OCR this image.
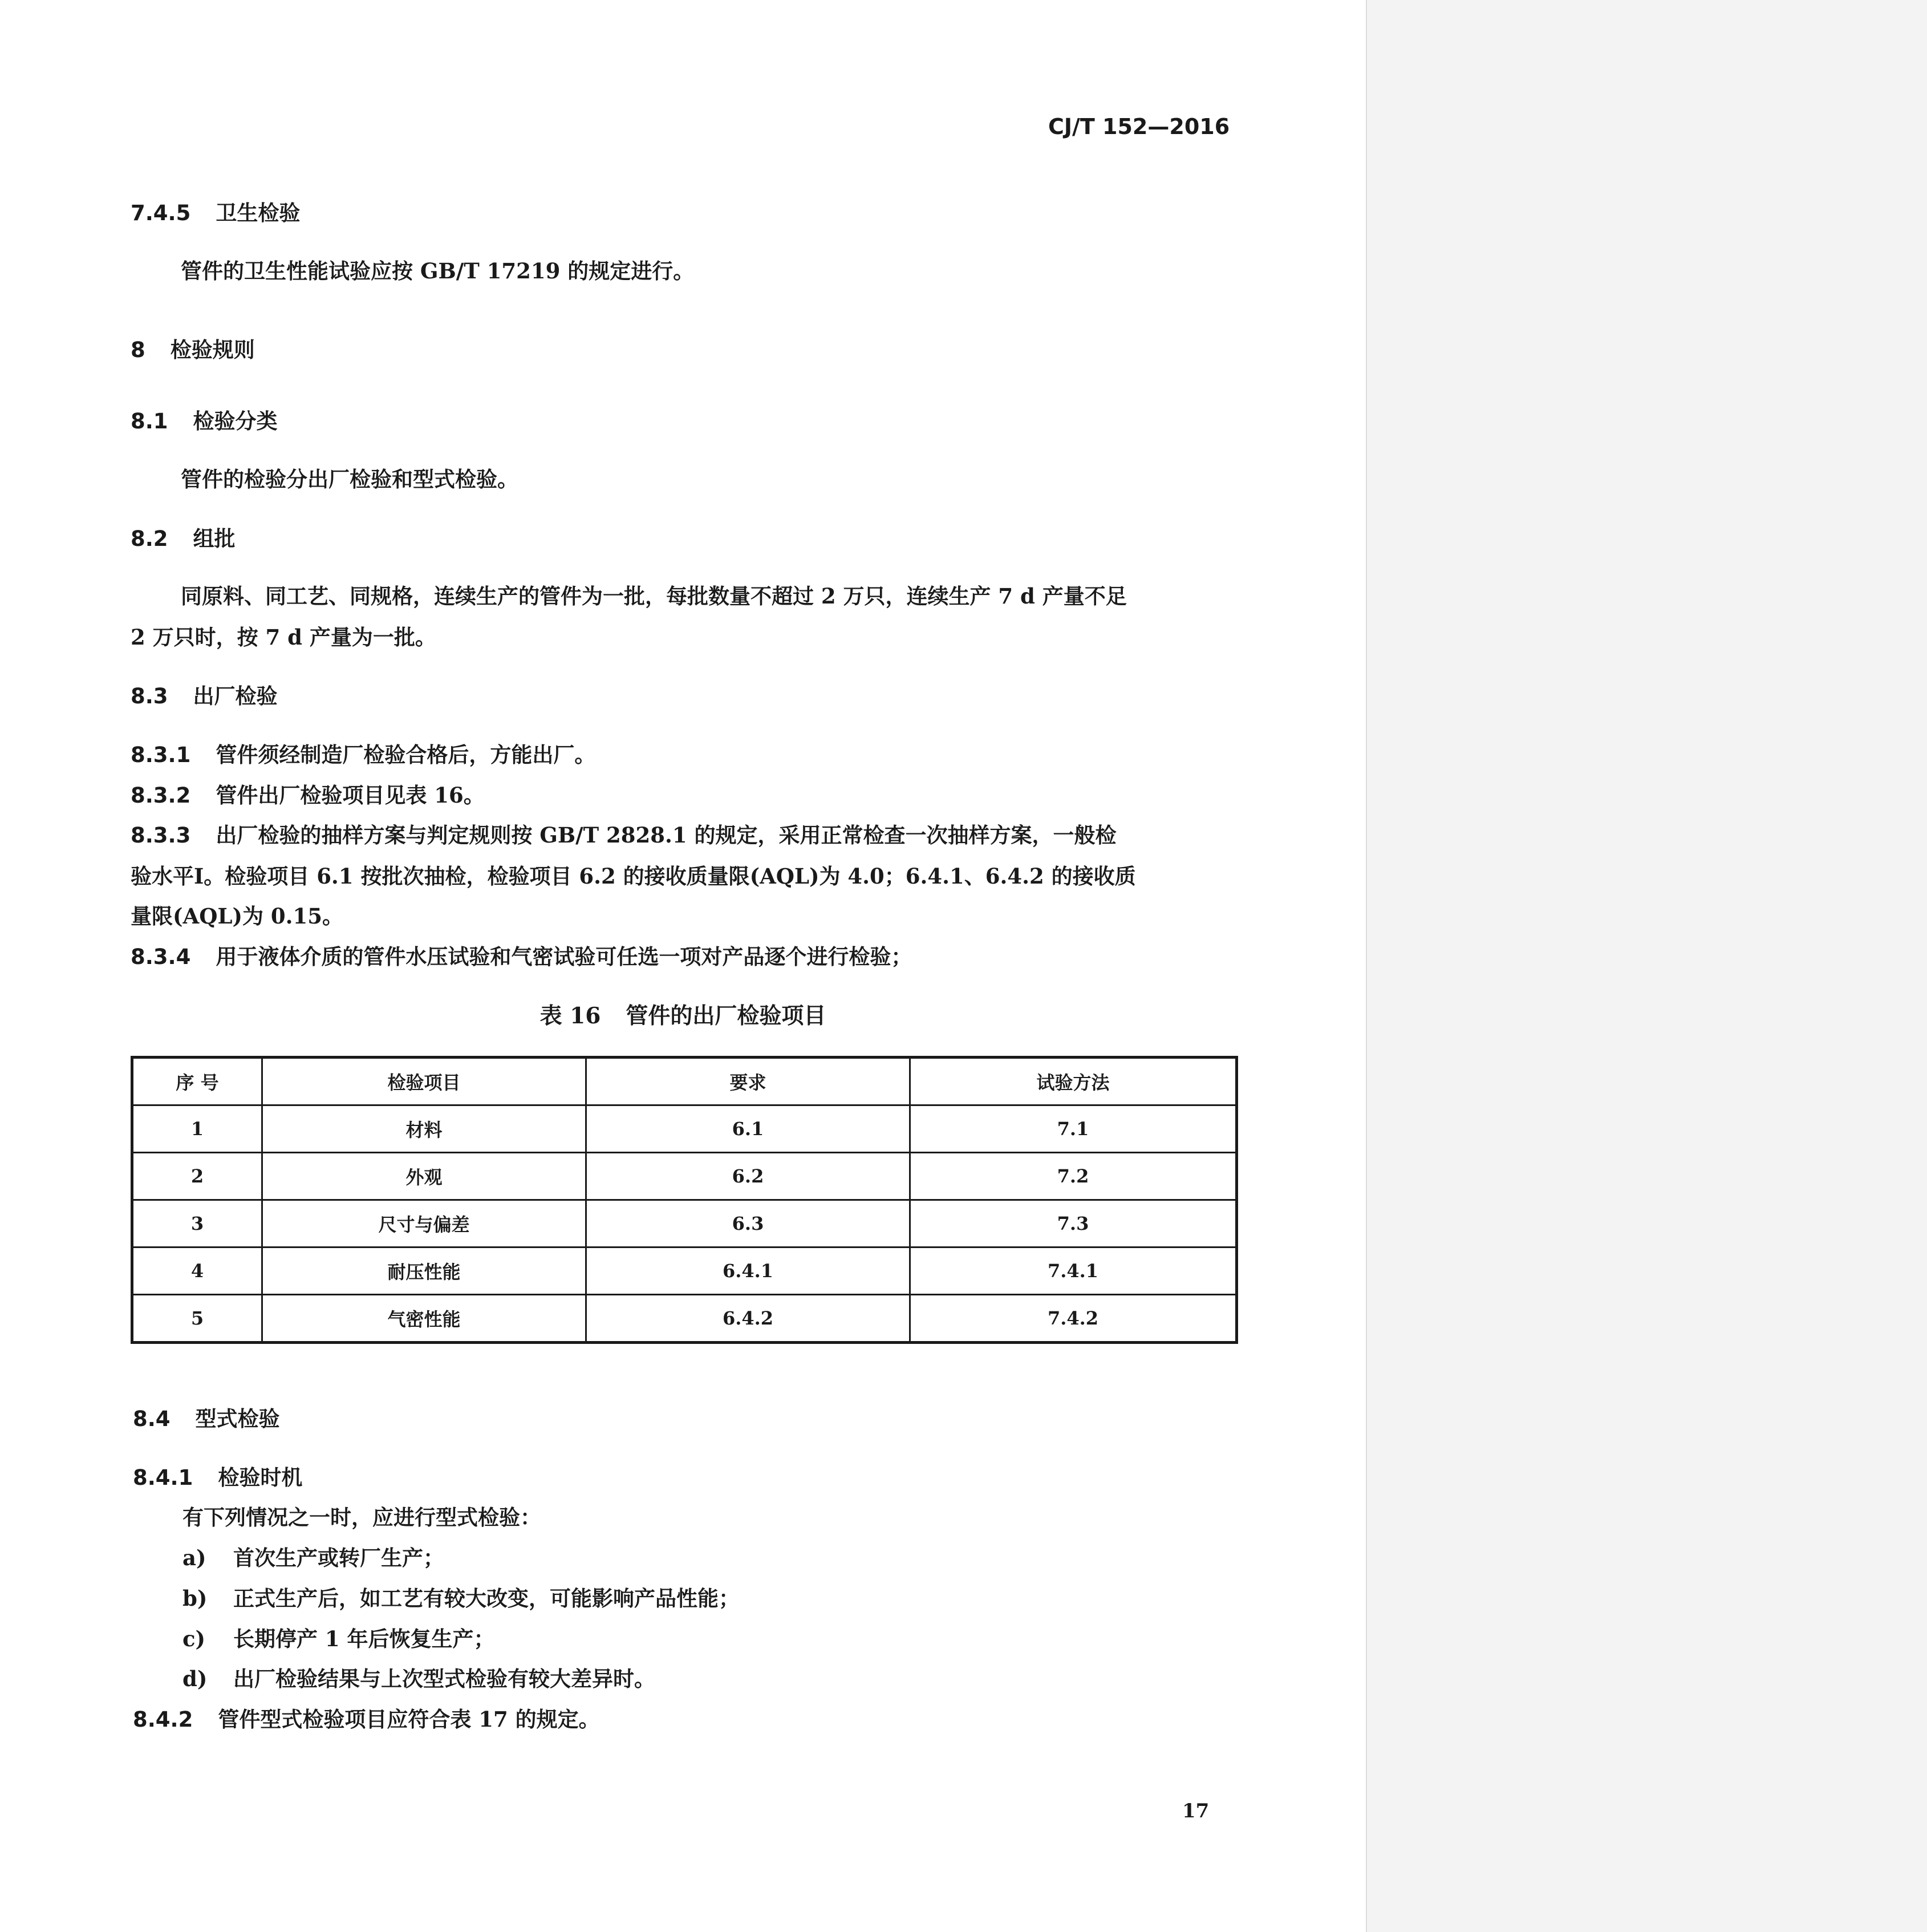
CJ/T 152—2016
7.4.5 卫生检验
管件的卫生性能试验应按 GB/T 17219 的规定进行。
8 检验规则
8.1 检验分类
管件的检验分出厂检验和型式检验。
8.2 组批
同原料、同工艺、同规格，连续生产的管件为一批，每批数量不超过 2 万只，连续生产 7 d 产量不足
2 万只时，按 7 d 产量为一批。
8.3 出厂检验
8.3.1 管件须经制造厂检验合格后，方能出厂。
8.3.2 管件出厂检验项目见表 16。
8.3.3 出厂检验的抽样方案与判定规则按 GB/T 2828.1 的规定，采用正常检查一次抽样方案，一般检
验水平Ⅰ。检验项目 6.1 按批次抽检，检验项目 6.2 的接收质量限(AQL)为 4.0；6.4.1、6.4.2 的接收质
量限(AQL)为 0.15。
8.3.4 用于液体介质的管件水压试验和气密试验可任选一项对产品逐个进行检验；
表 16 管件的出厂检验项目
序 号	检验项目	要求	试验方法
1	材料	6.1	7.1
2	外观	6.2	7.2
3	尺寸与偏差	6.3	7.3
4	耐压性能	6.4.1	7.4.1
5	气密性能	6.4.2	7.4.2
8.4 型式检验
8.4.1 检验时机
有下列情况之一时，应进行型式检验：
a) 首次生产或转厂生产；
b) 正式生产后，如工艺有较大改变，可能影响产品性能；
c) 长期停产 1 年后恢复生产；
d) 出厂检验结果与上次型式检验有较大差异时。
8.4.2 管件型式检验项目应符合表 17 的规定。
17
